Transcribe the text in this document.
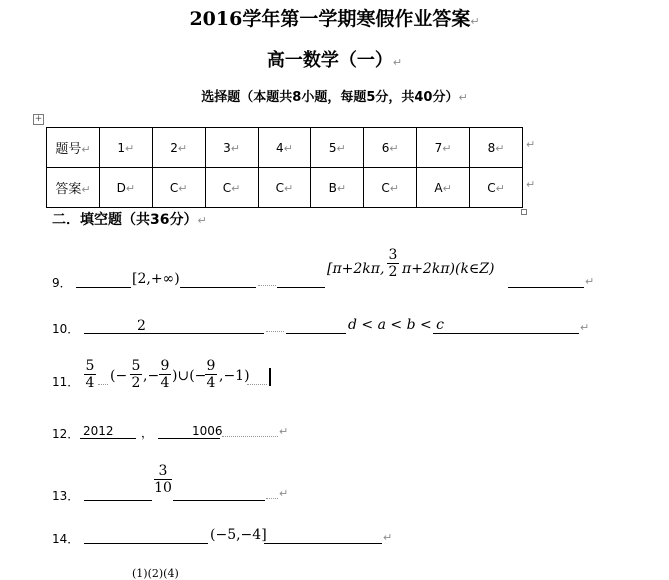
2016学年第一学期寒假作业答案↵
高一数学（一）↵
选择题（本题共8小题，每题5分，共40分）↵
+
题号↵	1↵	2↵	3↵	4↵	5↵	6↵	7↵	8↵
答案↵	D↵	C↵	C↵	C↵	B↵	C↵	A↵	C↵
↵
↵
二．填空题（共36分）↵
9．	[2,+∞)
[π+2kπ,
3
2 π+2kπ)(k∈Z)
↵
10．	2	d < a < b < c	↵
11．
5
4 (−
5
2 ,−
9
4 )∪(−
9
4 ,−1)
12． 2012 ，	1006	↵
13．
3
10	↵
14．	(−5,−4]	↵
(1)(2)(4)
